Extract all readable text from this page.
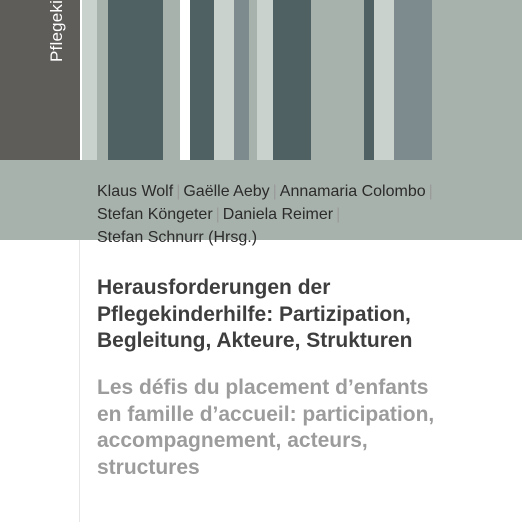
Pflegeki
Klaus Wolf | Gaëlle Aeby | Annamaria Colombo |
Stefan Köngeter | Daniela Reimer |
Stefan Schnurr (Hrsg.)
Herausforderungen der
Pflegekinderhilfe: Partizipation,
Begleitung, Akteure, Strukturen
Les défis du placement d’enfants
en famille d’accueil: participation,
accompagnement, acteurs,
structures
